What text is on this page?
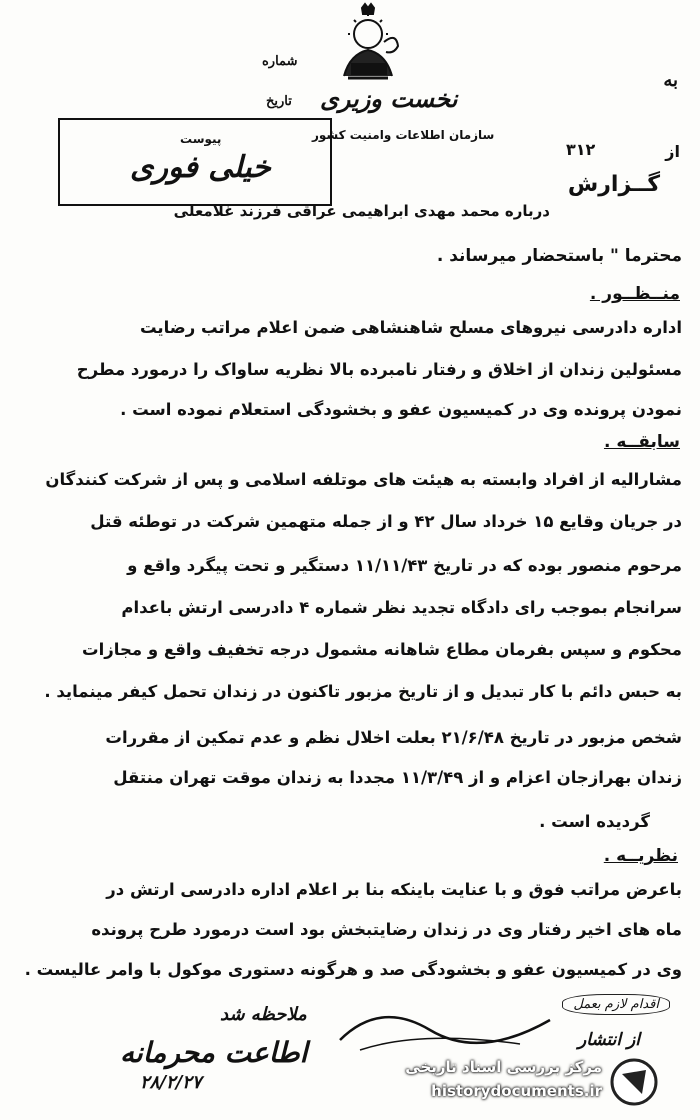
به
شماره
تاریخ نخست وزیری
سازمان اطلاعات وامنیت کشور
از
۳۱۲
پیوست
خیلی فوری	گــزارش
درباره محمد مهدی ابراهیمی عراقی فرزند غلامعلی
محترما " باستحضار میرساند .
منــظــور .
اداره دادرسی نیروهای مسلح شاهنشاهی ضمن اعلام مراتب رضایت
مسئولین زندان از اخلاق و رفتار نامبرده بالا نظریه ساواک را درمورد مطرح
نمودن پرونده وی در کمیسیون عفو و بخشودگی استعلام نموده است .
سابقــه .
مشارالیه از افراد وابسته به هیئت های موتلفه اسلامی و پس از شرکت کنندگان
در جریان وقایع ۱۵ خرداد سال ۴۲ و از جمله متهمین شرکت در توطئه قتل
مرحوم منصور بوده که در تاریخ ۱۱/۱۱/۴۳ دستگیر و تحت پیگرد واقع و
سرانجام بموجب رای دادگاه تجدید نظر شماره ۴ دادرسی ارتش باعدام
محکوم و سپس بفرمان مطاع شاهانه مشمول درجه تخفیف واقع و مجازات
به حبس دائم با کار تبدیل و از تاریخ مزبور تاکنون در زندان تحمل کیفر مینماید .
شخص مزبور در تاریخ ۲۱/۶/۴۸ بعلت اخلال نظم و عدم تمکین از مقررات
زندان بهرازجان اعزام و از ۱۱/۳/۴۹ مجددا به زندان موقت تهران منتقل
گردیده است .
نظریــه .
باعرض مراتب فوق و با عنایت باینکه بنا بر اعلام اداره دادرسی ارتش در
ماه های اخیر رفتار وی در زندان رضایتبخش بود است درمورد طرح پرونده
وی در کمیسیون عفو و بخشودگی صد و هرگونه دستوری موکول با وامر عالیست .
اقدام لازم بعمل
ملاحظه شد
اطاعت محرمانه	از انتشار
۲۸/۲/۲۷
مرکز بررسی اسناد تاریخی
historydocuments.ir
